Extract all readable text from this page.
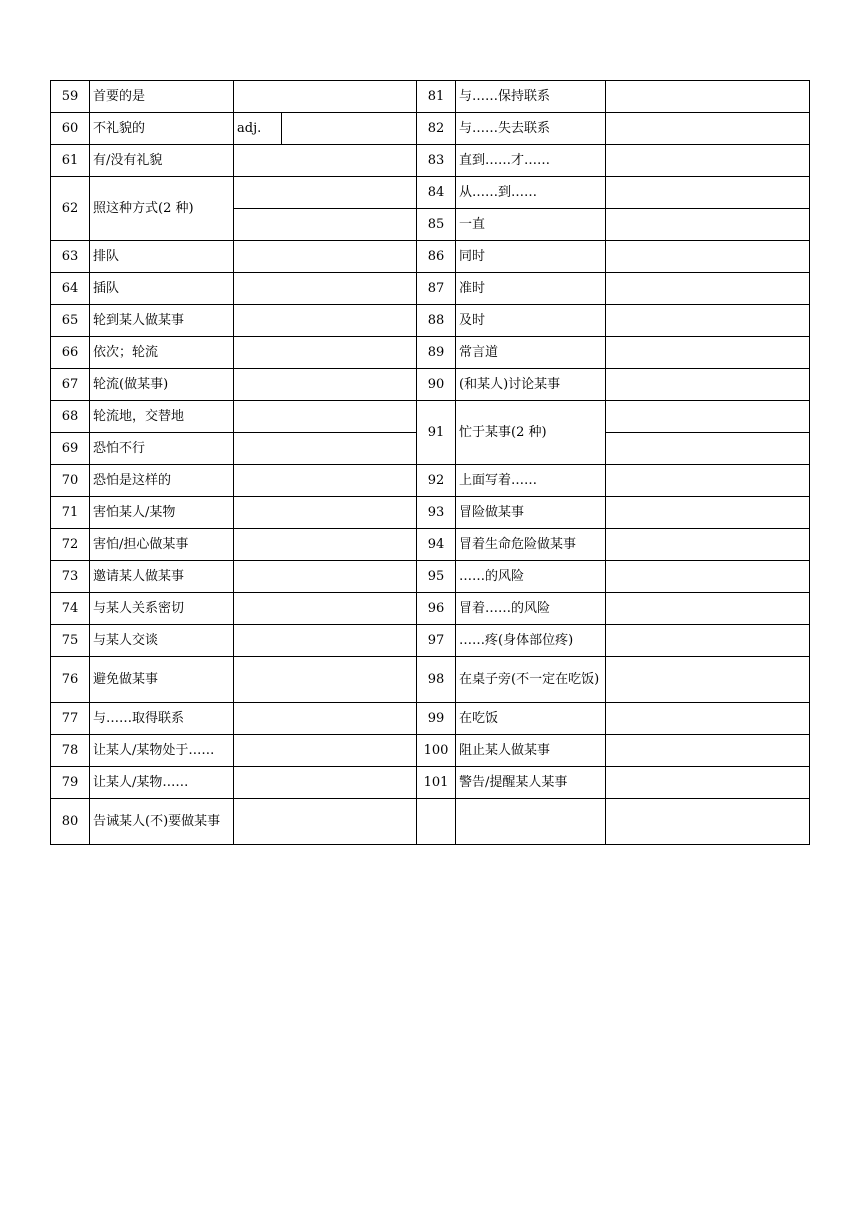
59	首要的是			81	与……保持联系	
60	不礼貌的	adj.		82	与……失去联系	
61	有/没有礼貌			83	直到……才……	
62	照这种方式(2 种)			84	从……到……	
				85	一直	
63	排队			86	同时	
64	插队			87	准时	
65	轮到某人做某事			88	及时	
66	依次；轮流			89	常言道	
67	轮流(做某事)			90	(和某人)讨论某事	
68	轮流地，交替地			91	忙于某事(2 种)	
69	恐怕不行					
70	恐怕是这样的			92	上面写着……	
71	害怕某人/某物			93	冒险做某事	
72	害怕/担心做某事			94	冒着生命危险做某事	
73	邀请某人做某事			95	……的风险	
74	与某人关系密切			96	冒着……的风险	
75	与某人交谈			97	……疼(身体部位疼)	
76	避免做某事			98	在桌子旁(不一定在吃饭)	
77	与……取得联系			99	在吃饭	
78	让某人/某物处于……			100	阻止某人做某事	
79	让某人/某物……			101	警告/提醒某人某事	
80	告诫某人(不)要做某事					
